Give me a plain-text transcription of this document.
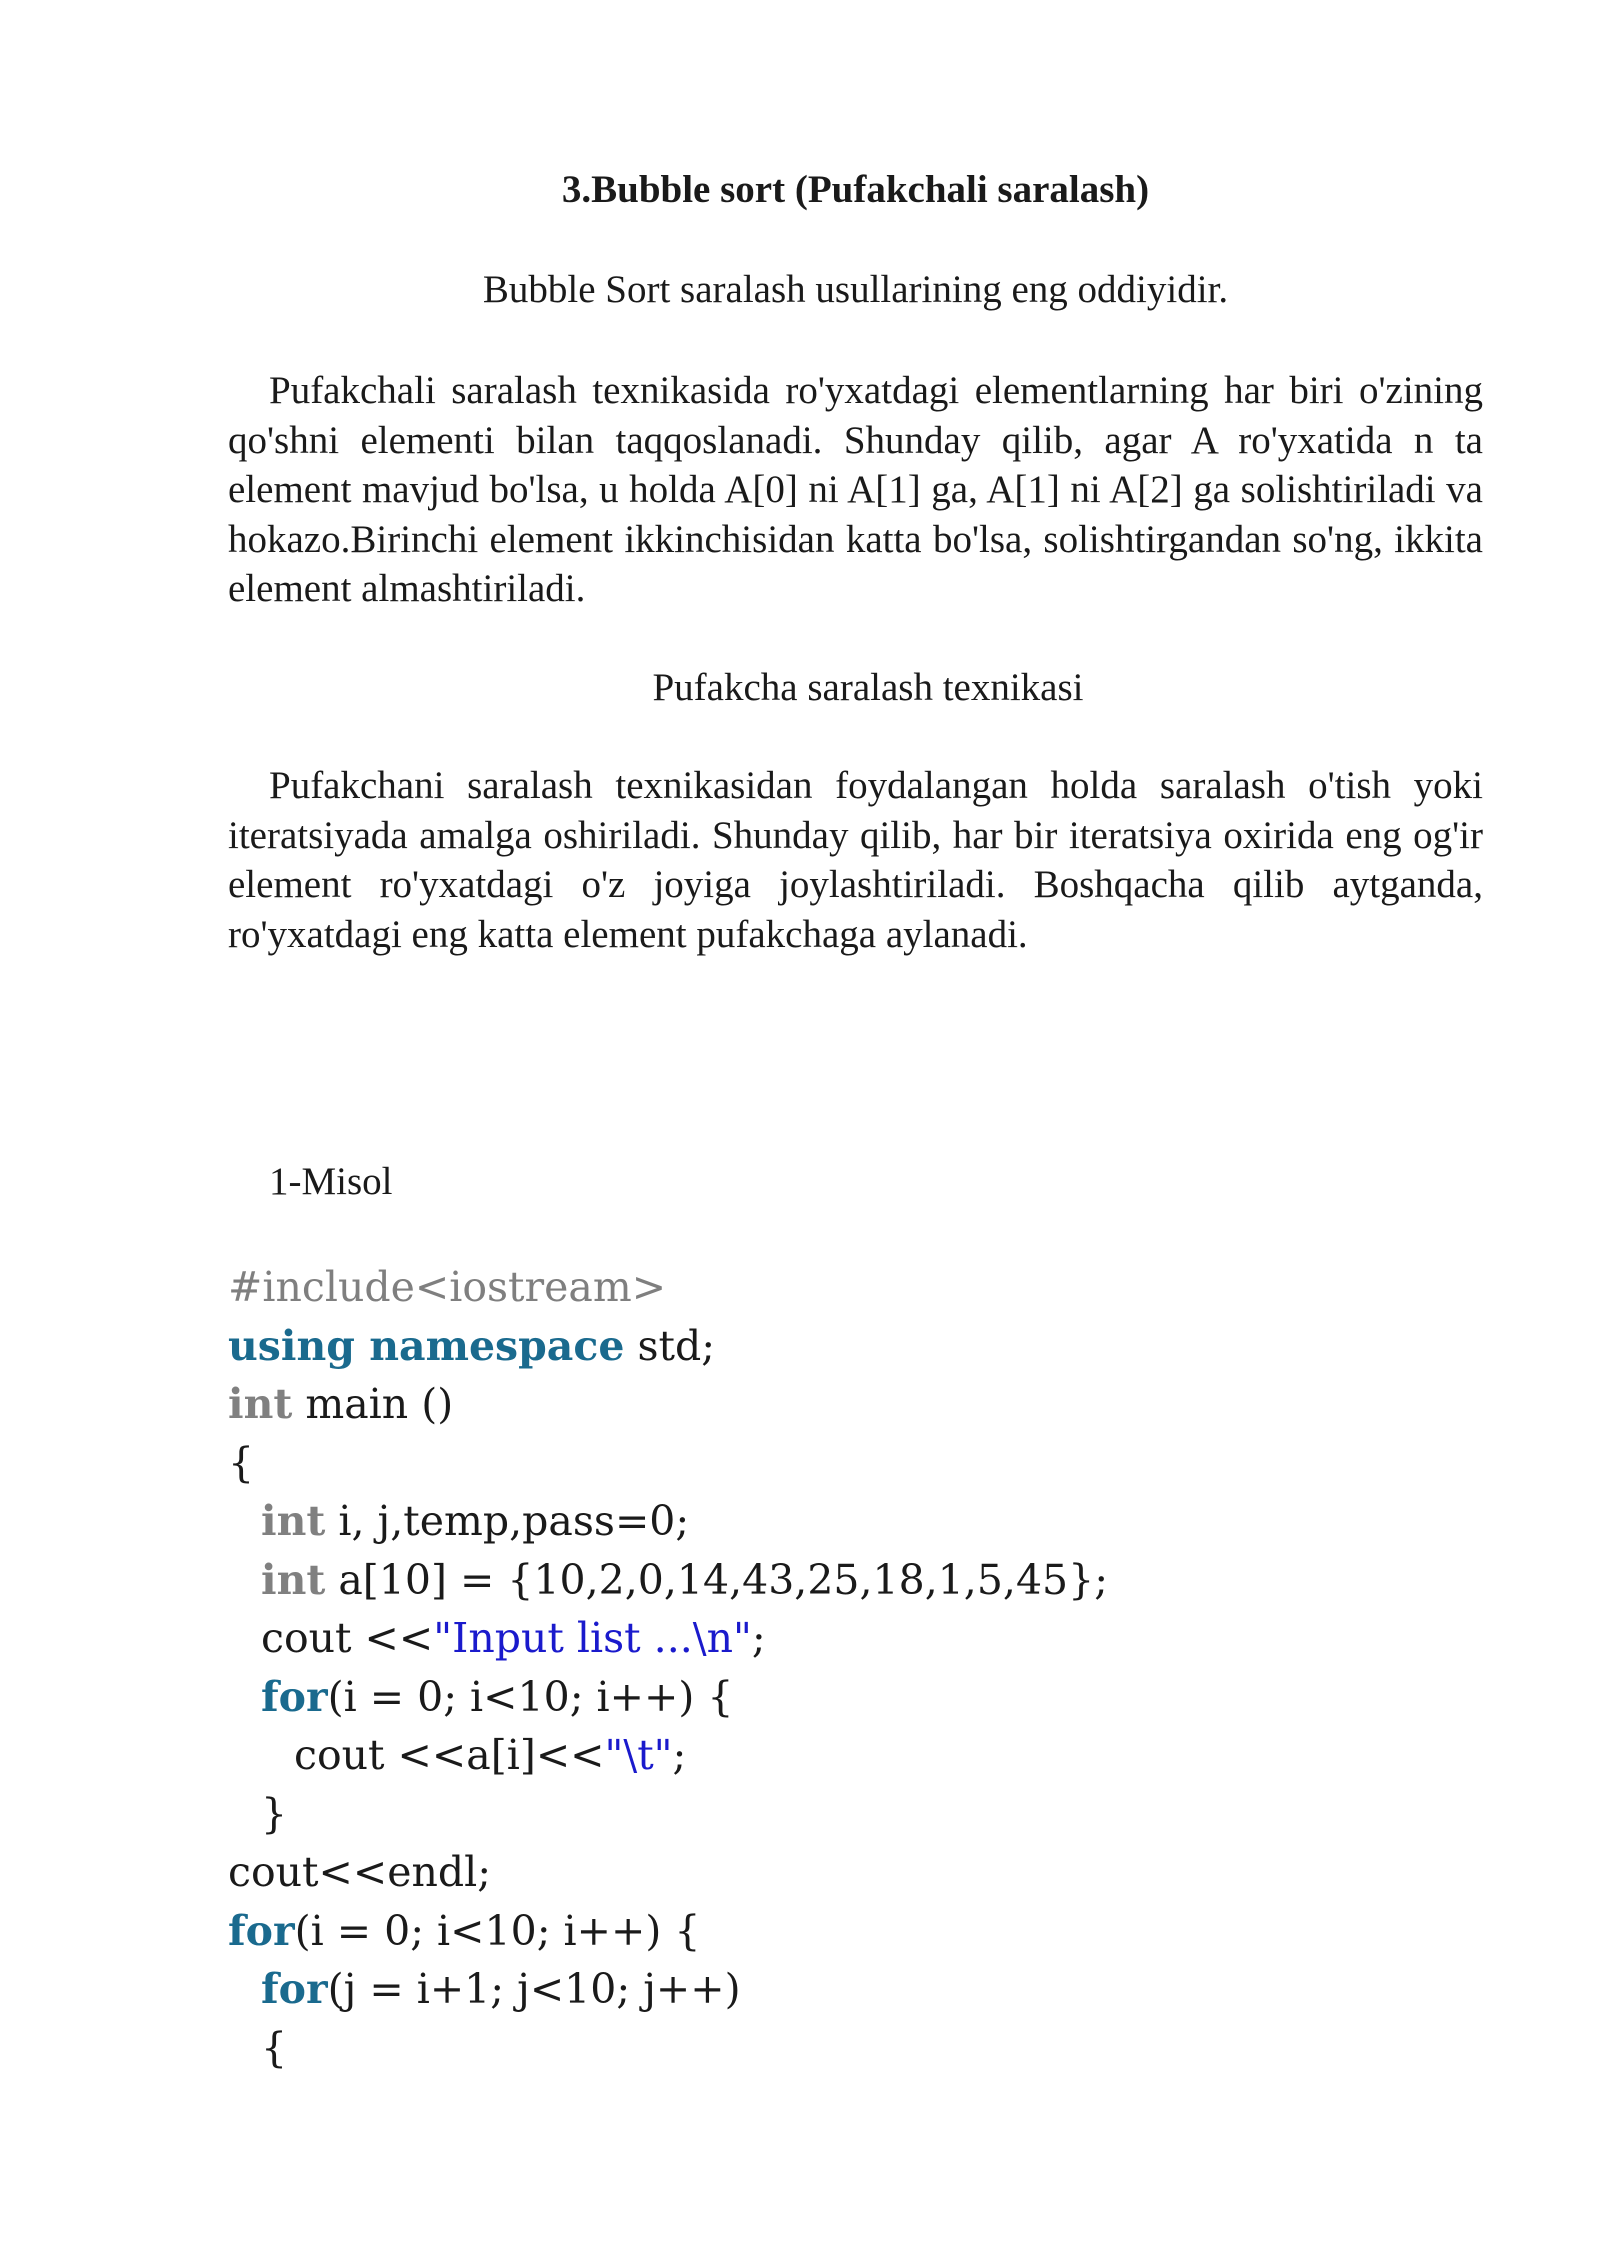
3.Bubble sort (Pufakchali saralash)

Bubble Sort saralash usullarining eng oddiyidir.

Pufakchali saralash texnikasida ro'yxatdagi elementlarning har biri o'zining qo'shni elementi bilan taqqoslanadi. Shunday qilib, agar A ro'yxatida n ta element mavjud bo'lsa, u holda A[0] ni A[1] ga, A[1] ni A[2] ga solishtiriladi va hokazo.Birinchi element ikkinchisidan katta bo'lsa, solishtirgandan so'ng, ikkita element almashtiriladi.

Pufakcha saralash texnikasi

Pufakchani saralash texnikasidan foydalangan holda saralash o'tish yoki iteratsiyada amalga oshiriladi. Shunday qilib, har bir iteratsiya oxirida eng og'ir element ro'yxatdagi o'z joyiga joylashtiriladi. Boshqacha qilib aytganda, ro'yxatdagi eng katta element pufakchaga aylanadi.

1-Misol

#include<iostream>
using namespace std;
int main ()
{
int i, j,temp,pass=0;
int a[10] = {10,2,0,14,43,25,18,1,5,45};
cout <<"Input list ...\n";
for(i = 0; i<10; i++) {
cout <<a[i]<<"\t";
}
cout<<endl;
for(i = 0; i<10; i++) {
for(j = i+1; j<10; j++)
{
